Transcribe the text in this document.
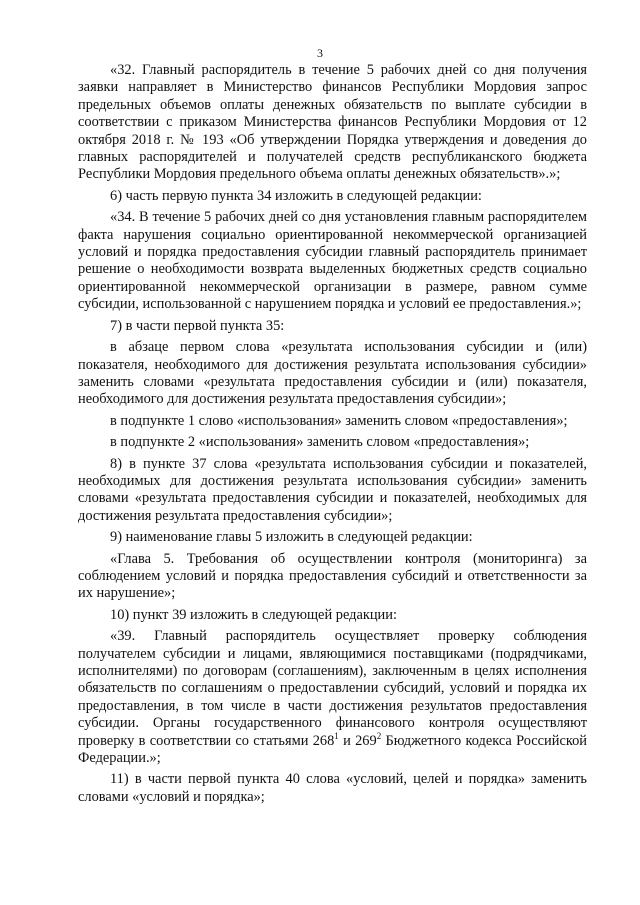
3

«32. Главный распорядитель в течение 5 рабочих дней со дня получения заявки направляет в Министерство финансов Республики Мордовия запрос предельных объемов оплаты денежных обязательств по выплате субсидии в соответствии с приказом Министерства финансов Республики Мордовия от 12 октября 2018 г. № 193 «Об утверждении Порядка утверждения и доведения до главных распорядителей и получателей средств республиканского бюджета Республики Мордовия предельного объема оплаты денежных обязательств».»;

6) часть первую пункта 34 изложить в следующей редакции:

«34. В течение 5 рабочих дней со дня установления главным распорядителем факта нарушения социально ориентированной некоммерческой организацией условий и порядка предоставления субсидии главный распорядитель принимает решение о необходимости возврата выделенных бюджетных средств социально ориентированной некоммерческой организации в размере, равном сумме субсидии, использованной с нарушением порядка и условий ее предоставления.»;

7) в части первой пункта 35:

в абзаце первом слова «результата использования субсидии и (или) показателя, необходимого для достижения результата использования субсидии» заменить словами «результата предоставления субсидии и (или) показателя, необходимого для достижения результата предоставления субсидии»;

в подпункте 1 слово «использования» заменить словом «предоставления»;

в подпункте 2 «использования» заменить словом «предоставления»;

8) в пункте 37 слова «результата использования субсидии и показателей, необходимых для достижения результата использования субсидии» заменить словами «результата предоставления субсидии и показателей, необходимых для достижения результата предоставления субсидии»;

9) наименование главы 5 изложить в следующей редакции:

«Глава 5. Требования об осуществлении контроля (мониторинга) за соблюдением условий и порядка предоставления субсидий и ответственности за их нарушение»;

10) пункт 39 изложить в следующей редакции:

«39. Главный распорядитель осуществляет проверку соблюдения получателем субсидии и лицами, являющимися поставщиками (подрядчиками, исполнителями) по договорам (соглашениям), заключенным в целях исполнения обязательств по соглашениям о предоставлении субсидий, условий и порядка их предоставления, в том числе в части достижения результатов предоставления субсидии. Органы государственного финансового контроля осуществляют проверку в соответствии со статьями $268^1$ и $269^2$ Бюджетного кодекса Российской Федерации.»;

11) в части первой пункта 40 слова «условий, целей и порядка» заменить словами «условий и порядка»;
